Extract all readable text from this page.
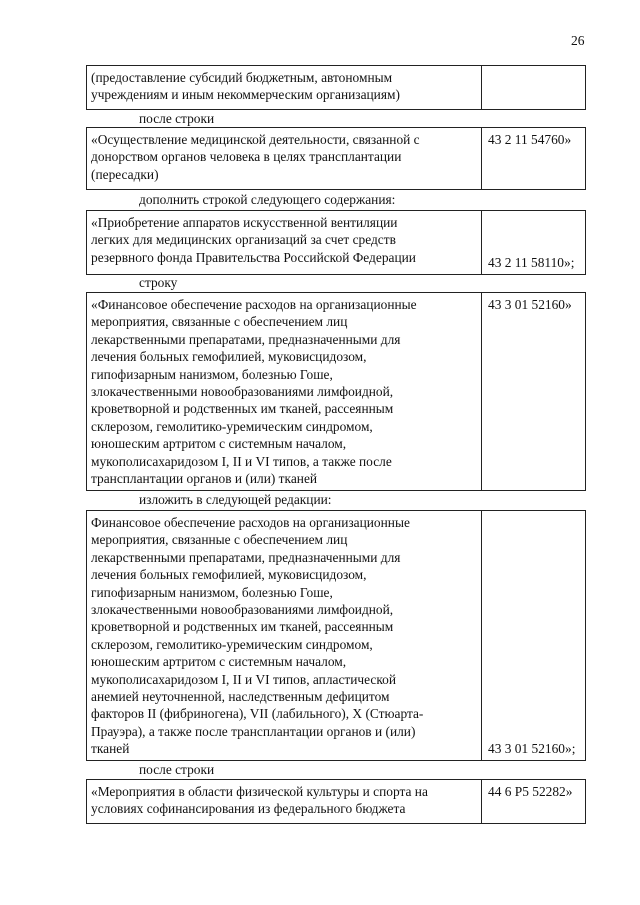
26
(предоставление субсидий бюджетным, автономным
учреждениям и иным некоммерческим организациям)
после строки
«Осуществление медицинской деятельности, связанной с
донорством органов человека в целях трансплантации
(пересадки)
43 2 11 54760»
дополнить строкой следующего содержания:
«Приобретение аппаратов искусственной вентиляции
легких для медицинских организаций за счет средств
резервного фонда Правительства Российской Федерации	43 2 11 58110»;
строку
«Финансовое обеспечение расходов на организационные
мероприятия, связанные с обеспечением лиц
лекарственными препаратами, предназначенными для
лечения больных гемофилией, муковисцидозом,
гипофизарным нанизмом, болезнью Гоше,
злокачественными новообразованиями лимфоидной,
кроветворной и родственных им тканей, рассеянным
склерозом, гемолитико-уремическим синдромом,
юношеским артритом с системным началом,
мукополисахаридозом I, II и VI типов, а также после
трансплантации органов и (или) тканей
43 3 01 52160»
изложить в следующей редакции:
Финансовое обеспечение расходов на организационные
мероприятия, связанные с обеспечением лиц
лекарственными препаратами, предназначенными для
лечения больных гемофилией, муковисцидозом,
гипофизарным нанизмом, болезнью Гоше,
злокачественными новообразованиями лимфоидной,
кроветворной и родственных им тканей, рассеянным
склерозом, гемолитико-уремическим синдромом,
юношеским артритом с системным началом,
мукополисахаридозом I, II и VI типов, апластической
анемией неуточненной, наследственным дефицитом
факторов II (фибриногена), VII (лабильного), X (Стюарта-
Прауэра), а также после трансплантации органов и (или)
тканей	43 3 01 52160»;
после строки
«Мероприятия в области физической культуры и спорта на
условиях софинансирования из федерального бюджета
44 6 P5 52282»
